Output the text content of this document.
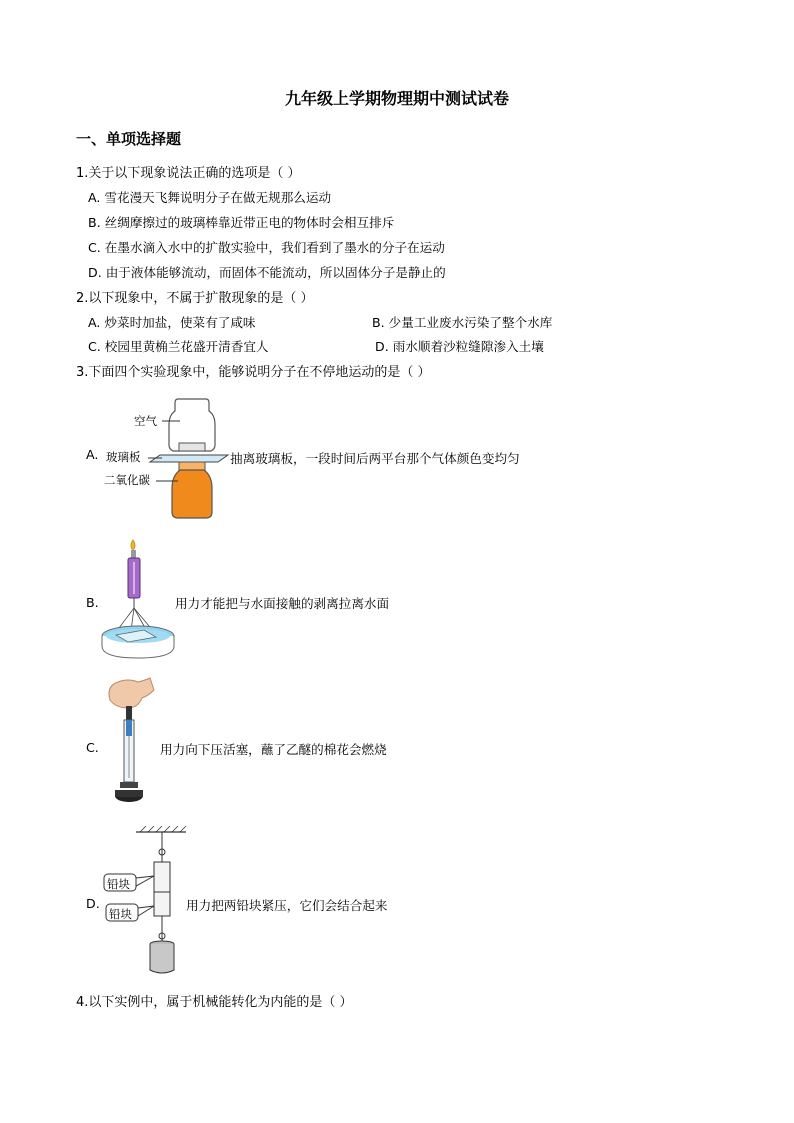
九年级上学期物理期中测试试卷
一、单项选择题
1.关于以下现象说法正确的选项是（ ）
A. 雪花漫天飞舞说明分子在做无规那么运动
B. 丝绸摩擦过的玻璃棒靠近带正电的物体时会相互排斥
C. 在墨水滴入水中的扩散实验中，我们看到了墨水的分子在运动
D. 由于液体能够流动，而固体不能流动，所以固体分子是静止的
2.以下现象中，不属于扩散现象的是（ ）
A. 炒菜时加盐，使菜有了咸味	B. 少量工业废水污染了整个水库
C. 校园里黄桷兰花盛开清香宜人	D. 雨水顺着沙粒缝隙渗入土壤
3.下面四个实验现象中，能够说明分子在不停地运动的是（ ）
A.
空气
玻璃板
二氧化碳
抽离玻璃板，一段时间后两平台那个气体颜色变均匀
B.	用力才能把与水面接触的剥离拉离水面
C.	用力向下压活塞，蘸了乙醚的棉花会燃烧
D.
铅块
铅块
用力把两铅块紧压，它们会结合起来
4.以下实例中，属于机械能转化为内能的是（ ）
